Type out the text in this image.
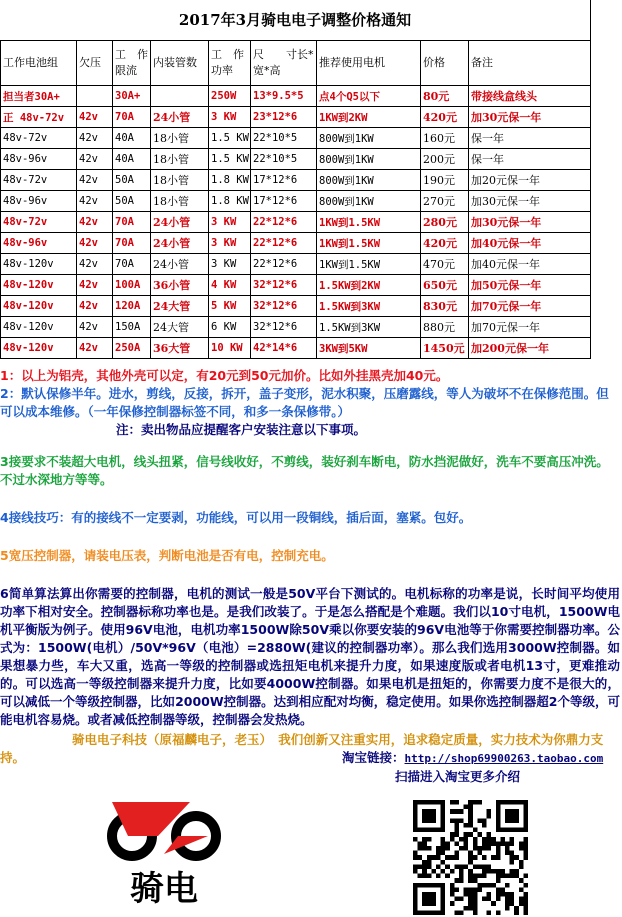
2017年3月骑电电子调整价格通知
工作电池组	欠压	工　作限流	内装管数	工　作功率	尺　　寸长*宽*高	推荐使用电机	价格	备注
担当者30A+		30A+		250W	13*9.5*5	点4个Q5以下	80元	带接线盒线头
正 48v-72v	42v	70A	24小管	3 KW	23*12*6	1KW到2KW	420元	加30元保一年
48v-72v	42v	40A	18小管	1.5 KW	22*10*5	800W到1KW	160元	保一年
48v-96v	42v	40A	18小管	1.5 KW	22*10*5	800W到1KW	200元	保一年
48v-72v	42v	50A	18小管	1.8 KW	17*12*6	800W到1KW	190元	加20元保一年
48v-96v	42v	50A	18小管	1.8 KW	17*12*6	800W到1KW	270元	加30元保一年
48v-72v	42v	70A	24小管	3 KW	22*12*6	1KW到1.5KW	280元	加30元保一年
48v-96v	42v	70A	24小管	3 KW	22*12*6	1KW到1.5KW	420元	加40元保一年
48v-120v	42v	70A	24小管	3 KW	22*12*6	1KW到1.5KW	470元	加40元保一年
48v-120v	42v	100A	36小管	4 KW	32*12*6	1.5KW到2KW	650元	加50元保一年
48v-120v	42v	120A	24大管	5 KW	32*12*6	1.5KW到3KW	830元	加70元保一年
48v-120v	42v	150A	24大管	6 KW	32*12*6	1.5KW到3KW	880元	加70元保一年
48v-120v	42v	250A	36大管	10 KW	42*14*6	3KW到5KW	1450元	加200元保一年

1：以上为铝壳，其他外壳可以定，有20元到50元加价。比如外挂黑壳加40元。

2：默认保修半年。进水，剪线，反接，拆开，盖子变形，泥水积聚，压磨露线，等人为破坏不在保修范围。但可以成本维修。（一年保修控制器标签不同，和多一条保修带。）

注：卖出物品应提醒客户安装注意以下事项。

3接要求不装超大电机，线头扭紧，信号线收好，不剪线，装好刹车断电，防水挡泥做好，洗车不要高压冲洗。不过水深地方等等。

4接线技巧：有的接线不一定要剥，功能线，可以用一段铜线，插后面，塞紧。包好。

5宽压控制器，请装电压表，判断电池是否有电，控制充电。

6简单算法算出你需要的控制器，电机的测试一般是50V平台下测试的。电机标称的功率是说，长时间平均使用功率下相对安全。控制器标称功率也是。是我们改装了。于是怎么搭配是个难题。我们以10寸电机，1500W电机平衡版为例子。使用96V电池，电机功率1500W除50V乘以你要安装的96V电池等于你需要控制器功率。公式为：1500W(电机）/50V*96V（电池）=2880W(建议的控制器功率）。那么我们选用3000W控制器。如果想暴力些，车大又重，选高一等级的控制器或选扭矩电机来提升力度，如果速度版或者电机13寸，更难推动的。可以选高一等级控制器来提升力度，比如要4000W控制器。如果电机是扭矩的，你需要力度不是很大的，可以减低一个等级控制器，比如2000W控制器。达到相应配对均衡，稳定使用。如果你选控制器超2个等级，可能电机容易烧。或者减低控制器等级，控制器会发热烧。

骑电电子科技（原福麟电子，老玉）　我们创新又注重实用，追求稳定质量，实力技术为你鼎力支持。	淘宝链接：http://shop69900263.taobao.com

扫描进入淘宝更多介绍

骑电
